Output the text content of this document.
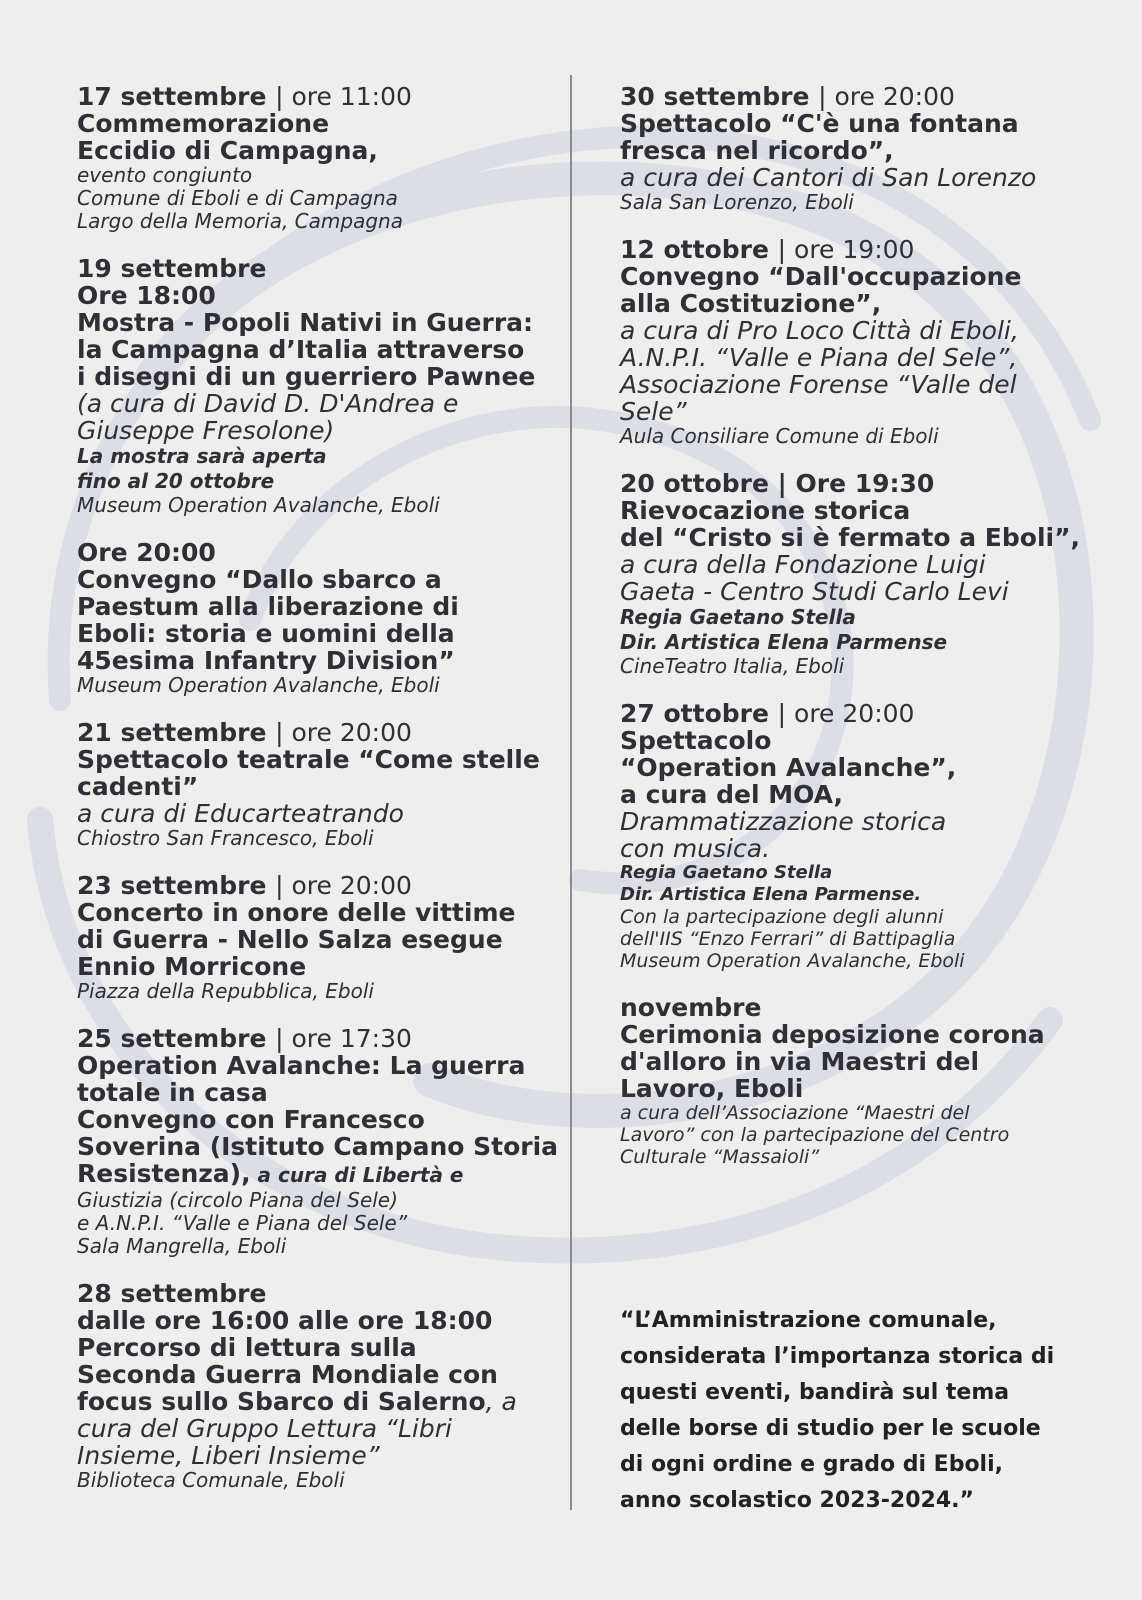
17 settembre | ore 11:00
Commemorazione
Eccidio di Campagna,
evento congiunto
Comune di Eboli e di Campagna
Largo della Memoria, Campagna
19 settembre
Ore 18:00
Mostra - Popoli Nativi in Guerra:
la Campagna d’Italia attraverso
i disegni di un guerriero Pawnee
(a cura di David D. D'Andrea e
Giuseppe Fresolone)
La mostra sarà aperta
fino al 20 ottobre
Museum Operation Avalanche, Eboli
Ore 20:00
Convegno “Dallo sbarco a
Paestum alla liberazione di
Eboli: storia e uomini della
45esima Infantry Division”
Museum Operation Avalanche, Eboli
21 settembre | ore 20:00
Spettacolo teatrale “Come stelle
cadenti”
a cura di Educarteatrando
Chiostro San Francesco, Eboli
23 settembre | ore 20:00
Concerto in onore delle vittime
di Guerra - Nello Salza esegue
Ennio Morricone
Piazza della Repubblica, Eboli
25 settembre | ore 17:30
Operation Avalanche: La guerra
totale in casa
Convegno con Francesco
Soverina (Istituto Campano Storia
Resistenza), a cura di Libertà e
Giustizia (circolo Piana del Sele)
e A.N.P.I. “Valle e Piana del Sele”
Sala Mangrella, Eboli
28 settembre
dalle ore 16:00 alle ore 18:00
Percorso di lettura sulla
Seconda Guerra Mondiale con
focus sullo Sbarco di Salerno, a
cura del Gruppo Lettura “Libri
Insieme, Liberi Insieme”
Biblioteca Comunale, Eboli
30 settembre | ore 20:00
Spettacolo “C'è una fontana
fresca nel ricordo”,
a cura dei Cantori di San Lorenzo
Sala San Lorenzo, Eboli
12 ottobre | ore 19:00
Convegno “Dall'occupazione
alla Costituzione”,
a cura di Pro Loco Città di Eboli,
A.N.P.I. “Valle e Piana del Sele”,
Associazione Forense “Valle del
Sele”
Aula Consiliare Comune di Eboli
20 ottobre | Ore 19:30
Rievocazione storica
del “Cristo si è fermato a Eboli”,
a cura della Fondazione Luigi
Gaeta - Centro Studi Carlo Levi
Regia Gaetano Stella
Dir. Artistica Elena Parmense
CineTeatro Italia, Eboli
27 ottobre | ore 20:00
Spettacolo
“Operation Avalanche”,
a cura del MOA,
Drammatizzazione storica
con musica.
Regia Gaetano Stella
Dir. Artistica Elena Parmense.
Con la partecipazione degli alunni
dell'IIS “Enzo Ferrari” di Battipaglia
Museum Operation Avalanche, Eboli
novembre
Cerimonia deposizione corona
d'alloro in via Maestri del
Lavoro, Eboli
a cura dell’Associazione “Maestri del
Lavoro” con la partecipazione del Centro
Culturale “Massaioli”
“L’Amministrazione comunale,
considerata l’importanza storica di
questi eventi, bandirà sul tema
delle borse di studio per le scuole
di ogni ordine e grado di Eboli,
anno scolastico 2023-2024.”
